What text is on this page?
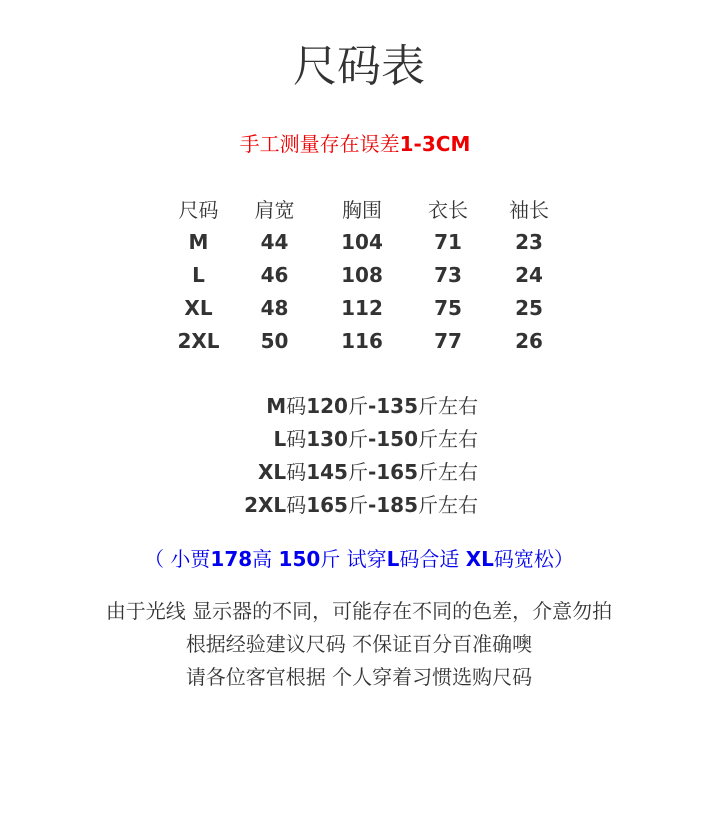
尺码表
手工测量存在误差1-3CM
尺码	肩宽	胸围	衣长	袖长
M	44	104	71	23
L	46	108	73	24
XL	48	112	75	25
2XL	50	116	77	26
M码120斤-135斤左右
L码130斤-150斤左右
XL码145斤-165斤左右
2XL码165斤-185斤左右
（ 小贾178高 150斤 试穿L码合适 XL码宽松）
由于光线 显示器的不同，可能存在不同的色差，介意勿拍
根据经验建议尺码 不保证百分百准确噢
请各位客官根据 个人穿着习惯选购尺码
